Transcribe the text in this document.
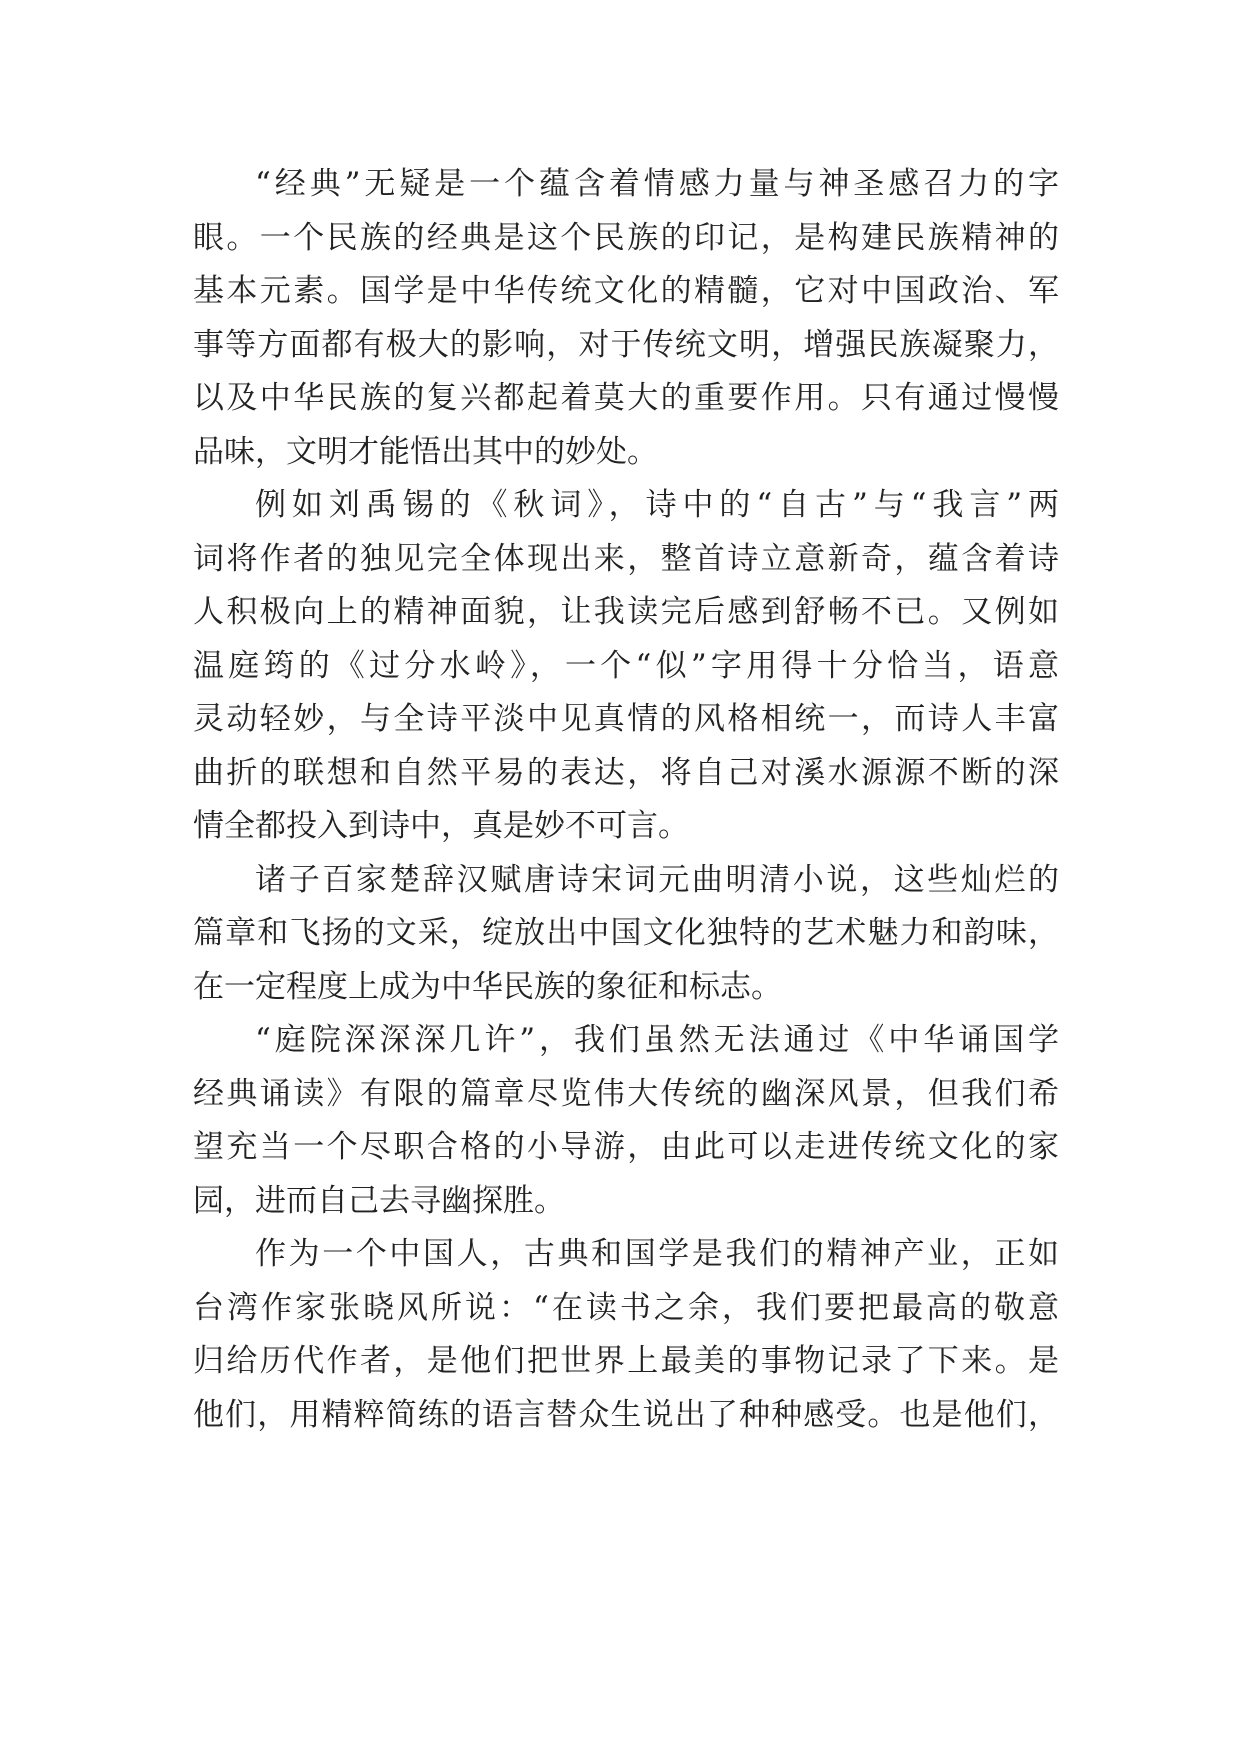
“经典”无疑是一个蕴含着情感力量与神圣感召力的字
眼。一个民族的经典是这个民族的印记，是构建民族精神的
基本元素。国学是中华传统文化的精髓，它对中国政治、军
事等方面都有极大的影响，对于传统文明，增强民族凝聚力，
以及中华民族的复兴都起着莫大的重要作用。只有通过慢慢
品味，文明才能悟出其中的妙处。
例如刘禹锡的《秋词》，诗中的“自古”与“我言”两
词将作者的独见完全体现出来，整首诗立意新奇，蕴含着诗
人积极向上的精神面貌，让我读完后感到舒畅不已。又例如
温庭筠的《过分水岭》，一个“似”字用得十分恰当，语意
灵动轻妙，与全诗平淡中见真情的风格相统一，而诗人丰富
曲折的联想和自然平易的表达，将自己对溪水源源不断的深
情全都投入到诗中，真是妙不可言。
诸子百家楚辞汉赋唐诗宋词元曲明清小说，这些灿烂的
篇章和飞扬的文采，绽放出中国文化独特的艺术魅力和韵味，
在一定程度上成为中华民族的象征和标志。
“庭院深深深几许”，我们虽然无法通过《中华诵国学
经典诵读》有限的篇章尽览伟大传统的幽深风景，但我们希
望充当一个尽职合格的小导游，由此可以走进传统文化的家
园，进而自己去寻幽探胜。
作为一个中国人，古典和国学是我们的精神产业，正如
台湾作家张晓风所说：“在读书之余，我们要把最高的敬意
归给历代作者，是他们把世界上最美的事物记录了下来。是
他们，用精粹简练的语言替众生说出了种种感受。也是他们，
